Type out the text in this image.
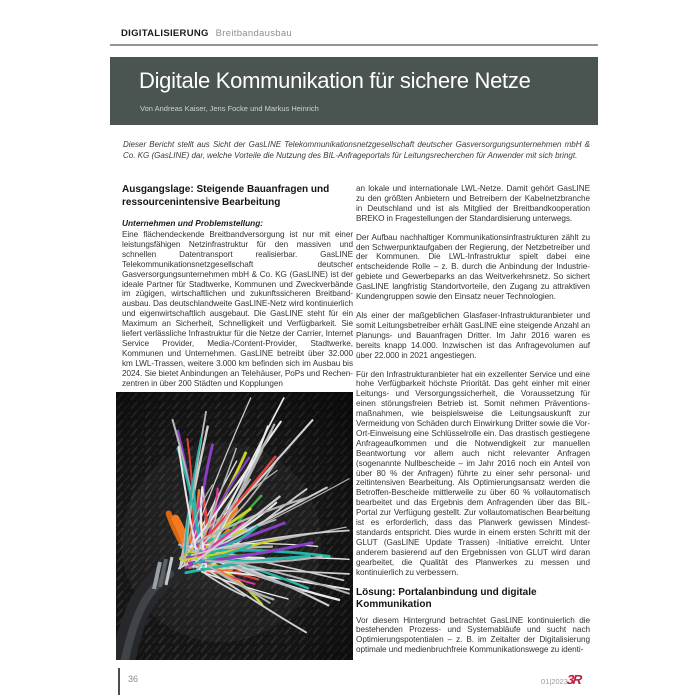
DIGITALISIERUNG Breitbandausbau
Digitale Kommunikation für sichere Netze
Von Andreas Kaiser, Jens Focke und Markus Heinrich
Dieser Bericht stellt aus Sicht der GasLINE Telekommunikationsnetzgesellschaft deutscher Gasversorgungsunternehmen mbH & Co. KG (GasLINE) dar, welche Vorteile die Nutzung des BIL-Anfrageportals für Leitungsrecherchen für Anwender mit sich bringt.
Ausgangslage: Steigende Bauanfragen und ressourcenintensive Bearbeitung
Unternehmen und Problemstellung:

Eine flächendeckende Breitbandversorgung ist nur mit einer leistungsfähigen Netzinfrastruktur für den massiven und schnellen Datentransport realisierbar. GasLINE Telekommunikationsnetzgesellschaft deutscher Gasversorgungsunternehmen mbH & Co. KG (GasLINE) ist der ideale Partner für Stadtwerke, Kommunen und Zweckverbände im zügigen, wirtschaftlichen und zukunftssicheren Breitbandausbau. Das deutschlandweite GasLINE-Netz wird kontinuierlich und eigenwirtschaftlich ausgebaut. Die GasLINE steht für ein Maximum an Sicherheit, Schnelligkeit und Verfügbarkeit. Sie liefert verlässliche Infrastruktur für die Netze der Carrier, Internet Service Provider, Media-/Content-Provider, Stadtwerke, Kommunen und Unternehmen. GasLINE betreibt über 32.000 km LWL-Trassen, weitere 3.000 km befinden sich im Ausbau bis 2024. Sie bietet Anbindungen an Telehäuser, PoPs und Rechenzentren in über 200 Städten und Kopplungen

an lokale und internationale LWL-Netze. Damit gehört GasLINE zu den größten Anbietern und Betreibern der Kabelnetzbranche in Deutschland und ist als Mitglied der Breitbandkooperation BREKO in Fragestellungen der Standardisierung unterwegs.

Der Aufbau nachhaltiger Kommunikationsinfrastrukturen zählt zu den Schwerpunktaufgaben der Regierung, der Netzbetreiber und der Kommunen. Die LWL-Infrastruktur spielt dabei eine entscheidende Rolle – z. B. durch die Anbindung der Industriegebiete und Gewerbeparks an das Weitverkehrsnetz. So sichert GasLINE langfristig Standortvorteile, den Zugang zu attraktiven Kundengruppen sowie den Einsatz neuer Technologien.

Als einer der maßgeblichen Glasfaser-Infrastrukturanbieter und somit Leitungsbetreiber erhält GasLINE eine steigende Anzahl an Planungs- und Bauanfragen Dritter. Im Jahr 2016 waren es bereits knapp 14.000. Inzwischen ist das Anfragevolumen auf über 22.000 in 2021 angestiegen.

Für den Infrastrukturanbieter hat ein exzellenter Service und eine hohe Verfügbarkeit höchste Priorität. Das geht einher mit einer Leitungs- und Versorgungssicherheit, die Voraussetzung für einen störungsfreien Betrieb ist. Somit nehmen Präventionsmaßnahmen, wie beispielsweise die Leitungsauskunft zur Vermeidung von Schäden durch Einwirkung Dritter sowie die Vor-Ort-Einweisung eine Schlüsselrolle ein. Das drastisch gestiegene Anfrageaufkommen und die Notwendigkeit zur manuellen Beantwortung vor allem auch nicht relevanter Anfragen (sogenannte Nullbescheide – im Jahr 2016 noch ein Anteil von über 80 % der Anfragen) führte zu einer sehr personal- und zeitintensiven Bearbeitung. Als Optimierungsansatz werden die Betroffen-Bescheide mittlerweile zu über 60 % vollautomatisch bearbeitet und das Ergebnis dem Anfragenden über das BIL-Portal zur Verfügung gestellt. Zur vollautomatischen Bearbeitung ist es erforderlich, dass das Planwerk gewissen Mindeststandards entspricht. Dies wurde in einem ersten Schritt mit der GLUT (GasLINE Update Trassen) -Initiative erreicht. Unter anderem basierend auf den Ergebnissen von GLUT wird daran gearbeitet, die Qualität des Planwerkes zu messen und kontinuierlich zu verbessern.

Lösung: Portalanbindung und digitale Kommunikation

Vor diesem Hintergrund betrachtet GasLINE kontinuierlich die bestehenden Prozess- und Systemabläufe und sucht nach Optimierungspotentialen – z. B. im Zeitalter der Digitalisierung optimale und medienbruchfreie Kommunikationswege zu identi-

36	01|2023
3R
